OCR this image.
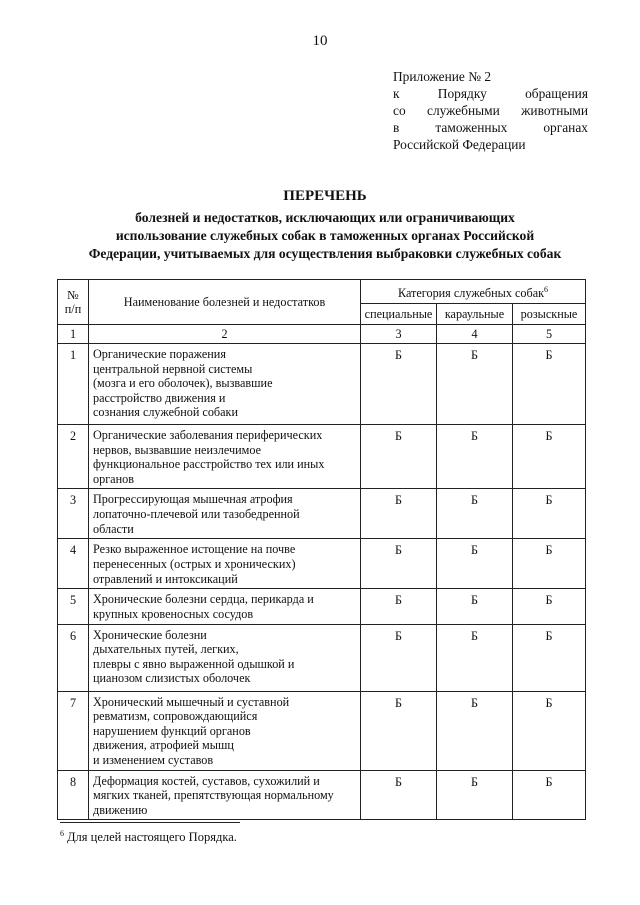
10
Приложение № 2
к	Порядку	обращения
со служебными животными
в	таможенных	органах
Российской Федерации
ПЕРЕЧЕНЬ
болезней и недостатков, исключающих или ограничивающих
использование служебных собак в таможенных органах Российской
Федерации, учитываемых для осуществления выбраковки служебных собак
№
п/п	Наименование болезней и недостатков	Категория служебных собак$^6$
		специальные	караульные	розыскные
1	2	3	4	5
1	Органические поражения
центральной нервной системы
(мозга и его оболочек), вызвавшие
расстройство движения и
сознания служебной собаки	Б	Б	Б
2	Органические заболевания периферических
нервов, вызвавшие неизлечимое
функциональное расстройство тех или иных
органов	Б	Б	Б
3	Прогрессирующая мышечная атрофия
лопаточно-плечевой или тазобедренной
области	Б	Б	Б
4	Резко выраженное истощение на почве
перенесенных (острых и хронических)
отравлений и интоксикаций	Б	Б	Б
5	Хронические болезни сердца, перикарда и
крупных кровеносных сосудов	Б	Б	Б
6	Хронические болезни
дыхательных путей, легких,
плевры с явно выраженной одышкой и
цианозом слизистых оболочек	Б	Б	Б
7	Хронический мышечный и суставной
ревматизм, сопровождающийся
нарушением функций органов
движения, атрофией мышц
и изменением суставов	Б	Б	Б
8	Деформация костей, суставов, сухожилий и
мягких тканей, препятствующая нормальному
движению	Б	Б	Б
$^6$ Для целей настоящего Порядка.
